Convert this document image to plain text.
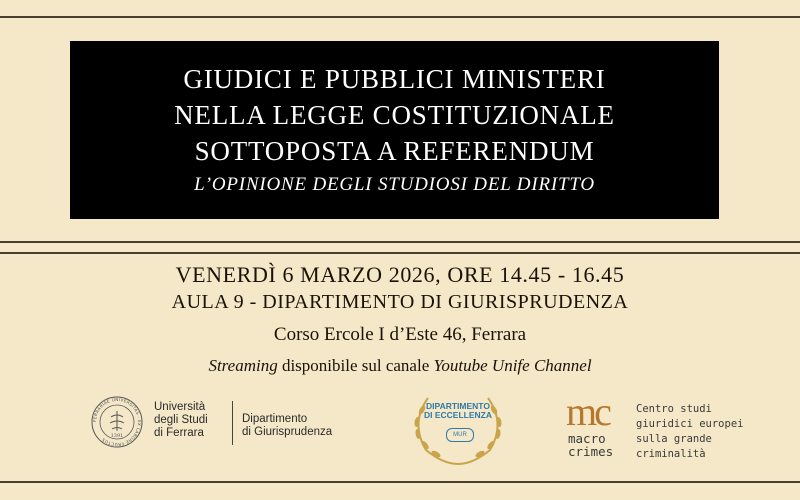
GIUDICI E PUBBLICI MINISTERI
NELLA LEGGE COSTITUZIONALE
SOTTOPOSTA A REFERENDUM
L’OPINIONE DEGLI STUDIOSI DEL DIRITTO
VENERDÌ 6 MARZO 2026, ORE 14.45 - 16.45
AULA 9 - DIPARTIMENTO DI GIURISPRUDENZA
Corso Ercole I d’Este 46, Ferrara
Streaming disponibile sul canale Youtube Unife Channel
FERRARIAE UNIVERSITAS · EX LABORE FRUCTUS
1391
Università
degli Studi
di Ferrara
Dipartimento
di Giurisprudenza
DIPARTIMENTO
DI ECCELLENZA
MUR
mc
macro
crimes
Centro studi
giuridici europei
sulla grande
criminalità
